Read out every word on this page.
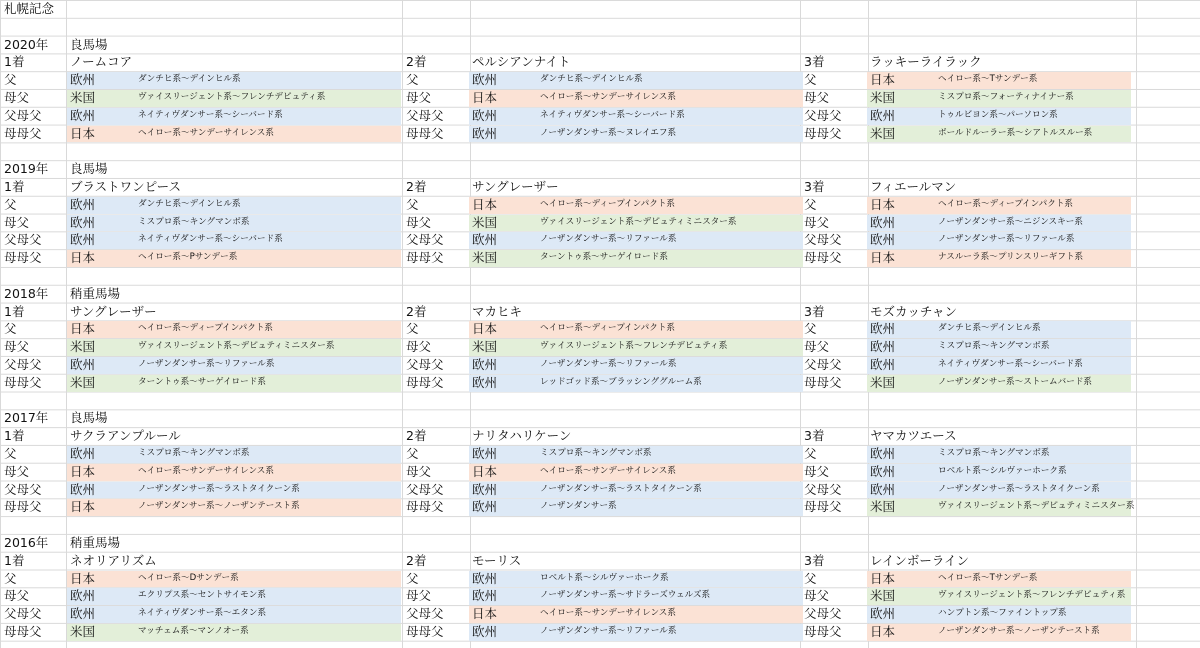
札幌記念
2020年 良馬場
1着	ノームコア	2着	ペルシアンナイト	3着	ラッキーライラック
父	欧州	ダンチヒ系～デインヒル系	父	欧州	ダンチヒ系～デインヒル系	父	日本	ヘイロー系～Tサンデー系
母父	米国	ヴァイスリージェント系～フレンチデピュティ系	母父	日本	ヘイロー系～サンデーサイレンス系	母父	米国	ミスプロ系～フォーティナイナー系
父母父 欧州	ネイティヴダンサー系～シーバード系	父母父 欧州	ネイティヴダンサー系～シーバード系	父母父 欧州	トゥルビヨン系～パーソロン系
母母父 日本	ヘイロー系～サンデーサイレンス系	母母父 欧州	ノーザンダンサー系～ヌレイエフ系	母母父 米国	ボールドルーラー系～シアトルスルー系
2019年 良馬場
1着	ブラストワンピース	2着	サングレーザー	3着	フィエールマン
父	欧州	ダンチヒ系～デインヒル系	父	日本	ヘイロー系～ディープインパクト系	父	日本	ヘイロー系～ディープインパクト系
母父	欧州	ミスプロ系～キングマンボ系	母父	米国	ヴァイスリージェント系～デピュティミニスター系	母父	欧州	ノーザンダンサー系～ニジンスキー系
父母父 欧州	ネイティヴダンサー系～シーバード系	父母父 欧州	ノーザンダンサー系～リファール系	父母父 欧州	ノーザンダンサー系～リファール系
母母父 日本	ヘイロー系～Pサンデー系	母母父 米国	ターントゥ系～サーゲイロード系	母母父 日本	ナスルーラ系～プリンスリーギフト系
2018年 稍重馬場
1着	サングレーザー	2着	マカヒキ	3着	モズカッチャン
父	日本	ヘイロー系～ディープインパクト系	父	日本	ヘイロー系～ディープインパクト系	父	欧州	ダンチヒ系～デインヒル系
母父	米国	ヴァイスリージェント系～デピュティミニスター系	母父	米国	ヴァイスリージェント系～フレンチデピュティ系	母父	欧州	ミスプロ系～キングマンボ系
父母父 欧州	ノーザンダンサー系～リファール系	父母父 欧州	ノーザンダンサー系～リファール系	父母父 欧州	ネイティヴダンサー系～シーバード系
母母父 米国	ターントゥ系～サーゲイロード系	母母父 欧州	レッドゴッド系～ブラッシンググルーム系	母母父 米国	ノーザンダンサー系～ストームバード系
2017年 良馬場
1着	サクラアンプルール	2着	ナリタハリケーン	3着	ヤマカツエース
父	欧州	ミスプロ系～キングマンボ系	父	欧州	ミスプロ系～キングマンボ系	父	欧州	ミスプロ系～キングマンボ系
母父	日本	ヘイロー系～サンデーサイレンス系	母父	日本	ヘイロー系～サンデーサイレンス系	母父	欧州	ロベルト系～シルヴァーホーク系
父母父 欧州	ノーザンダンサー系～ラストタイクーン系	父母父 欧州	ノーザンダンサー系～ラストタイクーン系	父母父 欧州	ノーザンダンサー系～ラストタイクーン系
母母父 日本	ノーザンダンサー系～ノーザンテースト系	母母父 欧州	ノーザンダンサー系	母母父 米国	ヴァイスリージェント系～デピュティミニスター系
2016年 稍重馬場
1着	ネオリアリズム	2着	モーリス	3着	レインボーライン
父	日本	ヘイロー系～Dサンデー系	父	欧州	ロベルト系～シルヴァーホーク系	父	日本	ヘイロー系～Tサンデー系
母父	欧州	エクリプス系～セントサイモン系	母父	欧州	ノーザンダンサー系～サドラーズウェルズ系	母父	米国	ヴァイスリージェント系～フレンチデピュティ系
父母父 欧州	ネイティヴダンサー系～エタン系	父母父 日本	ヘイロー系～サンデーサイレンス系	父母父 欧州	ハンプトン系～ファイントップ系
母母父 米国	マッチェム系～マンノオー系	母母父 欧州	ノーザンダンサー系～リファール系	母母父 日本	ノーザンダンサー系～ノーザンテースト系
